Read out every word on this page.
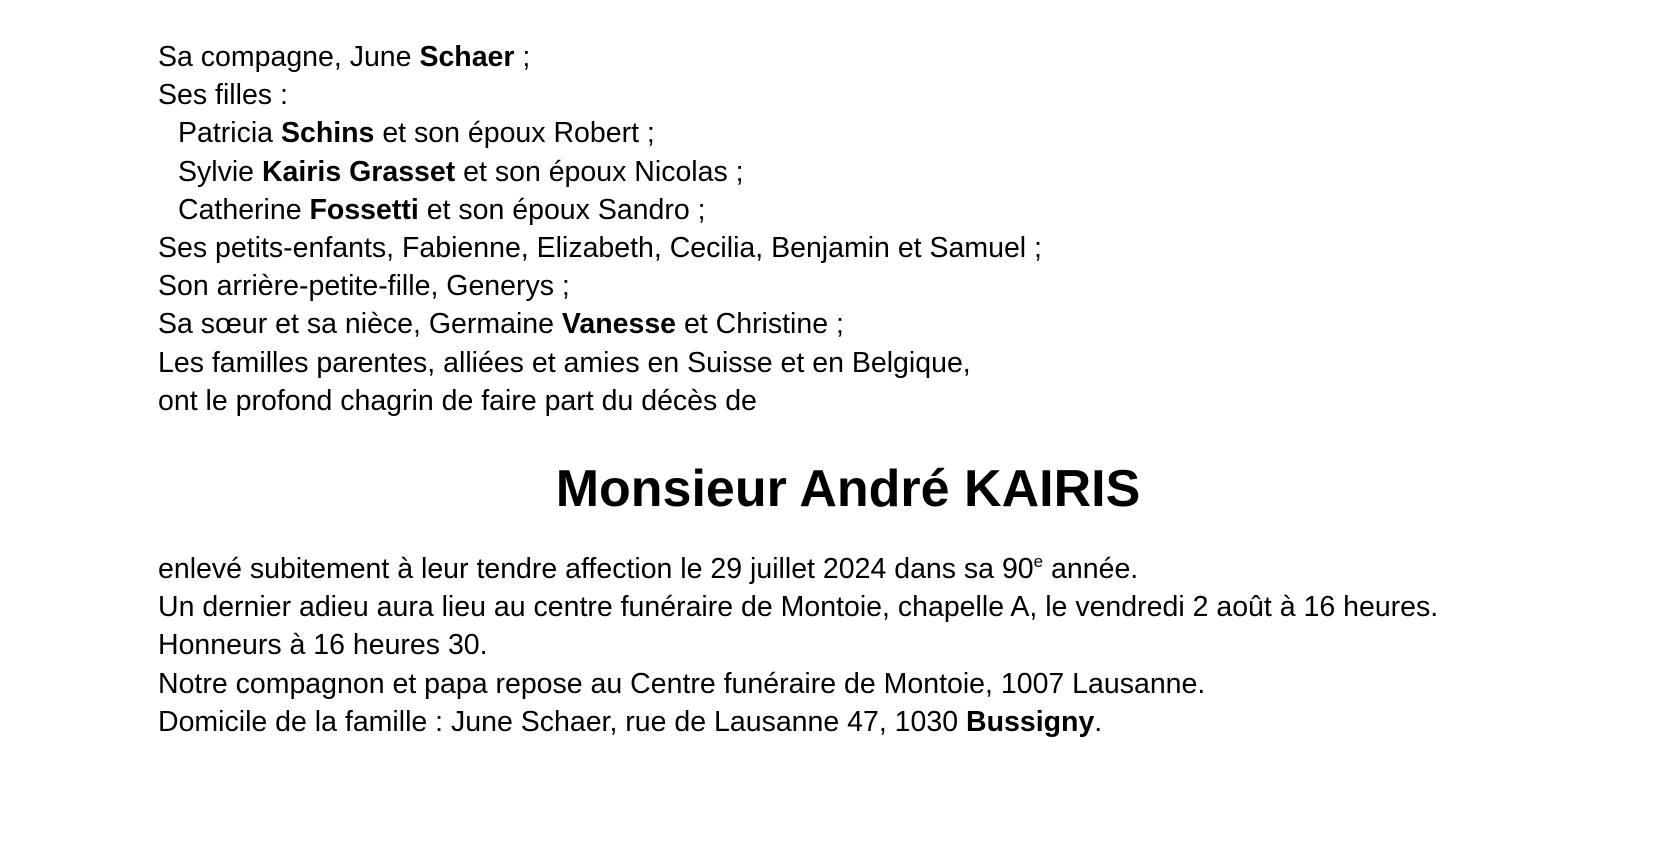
Sa compagne, June Schaer ;
Ses filles :
Patricia Schins et son époux Robert ;
Sylvie Kairis Grasset et son époux Nicolas ;
Catherine Fossetti et son époux Sandro ;
Ses petits-enfants, Fabienne, Elizabeth, Cecilia, Benjamin et Samuel ;
Son arrière-petite-fille, Generys ;
Sa sœur et sa nièce, Germaine Vanesse et Christine ;
Les familles parentes, alliées et amies en Suisse et en Belgique,
ont le profond chagrin de faire part du décès de
Monsieur André KAIRIS
enlevé subitement à leur tendre affection le 29 juillet 2024 dans sa 90e année.
Un dernier adieu aura lieu au centre funéraire de Montoie, chapelle A, le vendredi 2 août à 16 heures.
Honneurs à 16 heures 30.
Notre compagnon et papa repose au Centre funéraire de Montoie, 1007 Lausanne.
Domicile de la famille : June Schaer, rue de Lausanne 47, 1030 Bussigny.
